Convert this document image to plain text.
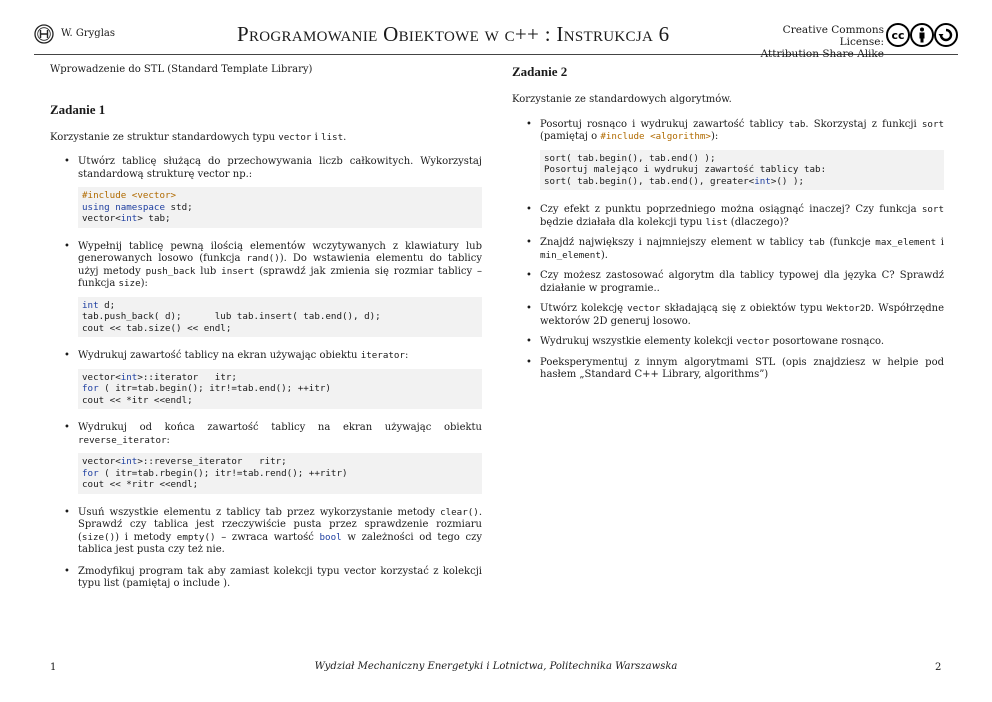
W. Gryglas	Programowanie Obiektowe w c++ : Instrukcja 6	Creative Commons License:
Attribution Share Alike
cc

Wprowadzenie do STL (Standard Template Library)

Zadanie 1

Korzystanie ze struktur standardowych typu vector i list.

• Utwórz tablicę służącą do przechowywania liczb całkowitych. Wykorzystaj standardową strukturę vector np.:
#include <vector>
using namespace std;
vector<int> tab;
• Wypełnij tablicę pewną ilością elementów wczytywanych z klawiatury lub generowanych losowo (funkcja rand()). Do wstawienia elementu do tablicy użyj metody push_back lub insert (sprawdź jak zmienia się rozmiar tablicy – funkcja size):
int d;
tab.push_back( d);      lub tab.insert( tab.end(), d);
cout << tab.size() << endl;
• Wydrukuj zawartość tablicy na ekran używając obiektu iterator:
vector<int>::iterator   itr;
for ( itr=tab.begin(); itr!=tab.end(); ++itr)
cout << *itr <<endl;
• Wydrukuj od końca zawartość tablicy na ekran używając obiektu reverse_iterator:
vector<int>::reverse_iterator   ritr;
for ( itr=tab.rbegin(); itr!=tab.rend(); ++ritr)
cout << *ritr <<endl;
• Usuń wszystkie elementu z tablicy tab przez wykorzystanie metody clear(). Sprawdź czy tablica jest rzeczywiście pusta przez sprawdzenie rozmiaru (size()) i metody empty() – zwraca wartość bool w zależności od tego czy tablica jest pusta czy też nie.
• Zmodyfikuj program tak aby zamiast kolekcji typu vector korzystać z kolekcji typu list (pamiętaj o include ).
Zadanie 2

Korzystanie ze standardowych algorytmów.

• Posortuj rosnąco i wydrukuj zawartość tablicy tab. Skorzystaj z funkcji sort (pamiętaj o #include <algorithm>):
sort( tab.begin(), tab.end() );
Posortuj malejąco i wydrukuj zawartość tablicy tab:
sort( tab.begin(), tab.end(), greater<int>() );
• Czy efekt z punktu poprzedniego można osiągnąć inaczej? Czy funkcja sort będzie działała dla kolekcji typu list (dlaczego)?
• Znajdź największy i najmniejszy element w tablicy tab (funkcje max_element i min_element).
• Czy możesz zastosować algorytm dla tablicy typowej dla języka C? Sprawdź działanie w programie..
• Utwórz kolekcję vector składającą się z obiektów typu Wektor2D. Współrzędne wektorów 2D generuj losowo.
• Wydrukuj wszystkie elementy kolekcji vector posortowane rosnąco.
• Poeksperymentuj z innym algorytmami STL (opis znajdziesz w helpie pod hasłem „Standard C++ Library, algorithms”)
Wydział Mechaniczny Energetyki i Lotnictwa, Politechnika Warszawska
1	2
